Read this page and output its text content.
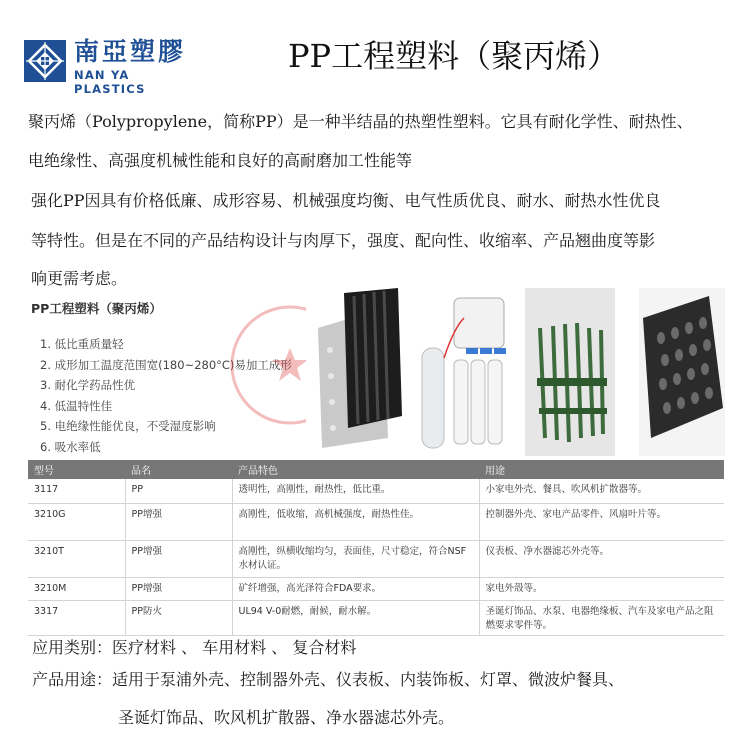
南亞塑膠
NAN YA PLASTICS
PP工程塑料（聚丙烯）
聚丙烯（Polypropylene，简称PP）是一种半结晶的热塑性塑料。它具有耐化学性、耐热性、
电绝缘性、高强度机械性能和良好的高耐磨加工性能等
强化PP因具有价格低廉、成形容易、机械强度均衡、电气性质优良、耐水、耐热水性优良
等特性。但是在不同的产品结构设计与肉厚下，强度、配向性、收缩率、产品翘曲度等影
响更需考虑。
PP工程塑料（聚丙烯）
1. 低比重质量轻
2. 成形加工温度范围宽(180~280°C)易加工成形
3. 耐化学药品性优
4. 低温特性佳
5. 电绝缘性能优良，不受湿度影响
6. 吸水率低
型号	品名	产品特色	用途
3117	PP	透明性，高刚性，耐热性，低比重。	小家电外壳、餐具、吹风机扩散器等。
3210G	PP增强	高刚性，低收缩，高机械强度，耐热性佳。	控制器外壳、家电产品零件、风扇叶片等。
3210T	PP增强	高刚性，纵横收缩均匀，表面佳，尺寸稳定，符合NSF水材认证。	仪表板、净水器滤芯外壳等。
3210M	PP增强	矿纤增强，高光泽符合FDA要求。	家电外殼等。
3317	PP防火	UL94 V-0耐燃，耐候，耐水解。	圣诞灯饰品、水泵、电器绝缘板、汽车及家电产品之阻燃要求零件等。
应用类别：医疗材料 、 车用材料 、 复合材料
产品用途：适用于泵浦外壳、控制器外壳、仪表板、内装饰板、灯罩、微波炉餐具、
圣诞灯饰品、吹风机扩散器、净水器滤芯外壳。
